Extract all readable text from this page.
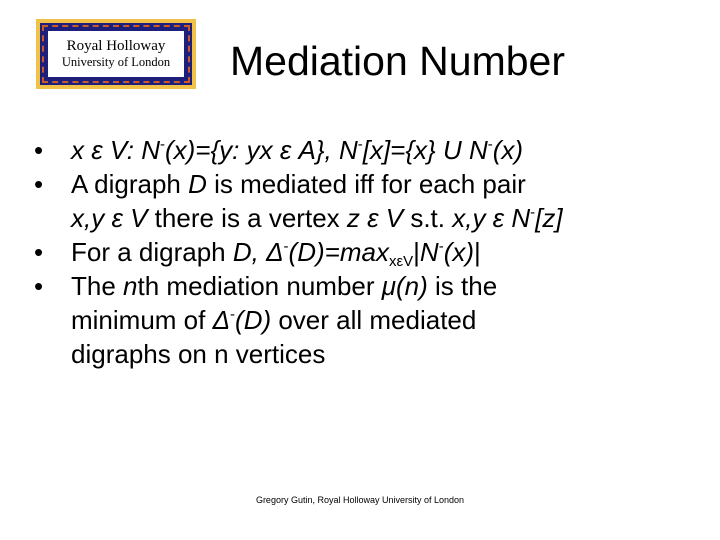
Royal Holloway
University of London Mediation Number
• x ε V: N-(x)={y: yx ε A}, N-[x]={x} U N-(x)
• A digraph D is mediated iff for each pair
x,y ε V there is a vertex z ε V s.t. x,y ε N-[z]
• For a digraph D, $\Delta^-(D)=\max_{x\varepsilon V}|N^-(x)|$
• The nth mediation number μ(n) is the
minimum of Δ-(D) over all mediated
digraphs on n vertices
Gregory Gutin, Royal Holloway University of London
